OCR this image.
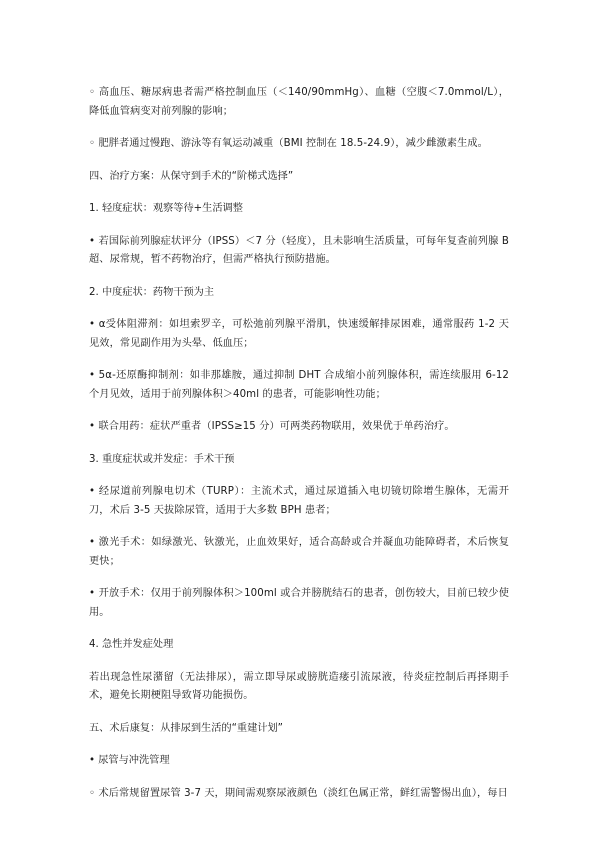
◦ 高血压、糖尿病患者需严格控制血压（＜140/90mmHg）、血糖（空腹＜7.0mmol/L），降低血管病变对前列腺的影响；

◦ 肥胖者通过慢跑、游泳等有氧运动减重（BMI 控制在 18.5-24.9），减少雌激素生成。

四、治疗方案：从保守到手术的“阶梯式选择”

1. 轻度症状：观察等待+生活调整

• 若国际前列腺症状评分（IPSS）＜7 分（轻度），且未影响生活质量，可每年复查前列腺 B 超、尿常规，暂不药物治疗，但需严格执行预防措施。

2. 中度症状：药物干预为主

• α受体阻滞剂：如坦索罗辛，可松弛前列腺平滑肌，快速缓解排尿困难，通常服药 1-2 天见效，常见副作用为头晕、低血压；

• 5α-还原酶抑制剂：如非那雄胺，通过抑制 DHT 合成缩小前列腺体积，需连续服用 6-12 个月见效，适用于前列腺体积＞40ml 的患者，可能影响性功能；

• 联合用药：症状严重者（IPSS≥15 分）可两类药物联用，效果优于单药治疗。

3. 重度症状或并发症：手术干预

• 经尿道前列腺电切术（TURP）：主流术式，通过尿道插入电切镜切除增生腺体，无需开刀，术后 3-5 天拔除尿管，适用于大多数 BPH 患者；

• 激光手术：如绿激光、钬激光，止血效果好，适合高龄或合并凝血功能障碍者，术后恢复更快；

• 开放手术：仅用于前列腺体积＞100ml 或合并膀胱结石的患者，创伤较大，目前已较少使用。

4. 急性并发症处理

若出现急性尿潴留（无法排尿），需立即导尿或膀胱造瘘引流尿液，待炎症控制后再择期手术，避免长期梗阻导致肾功能损伤。

五、术后康复：从排尿到生活的“重建计划”

• 尿管与冲洗管理

◦ 术后常规留置尿管 3-7 天，期间需观察尿液颜色（淡红色属正常，鲜红需警惕出血），每日
